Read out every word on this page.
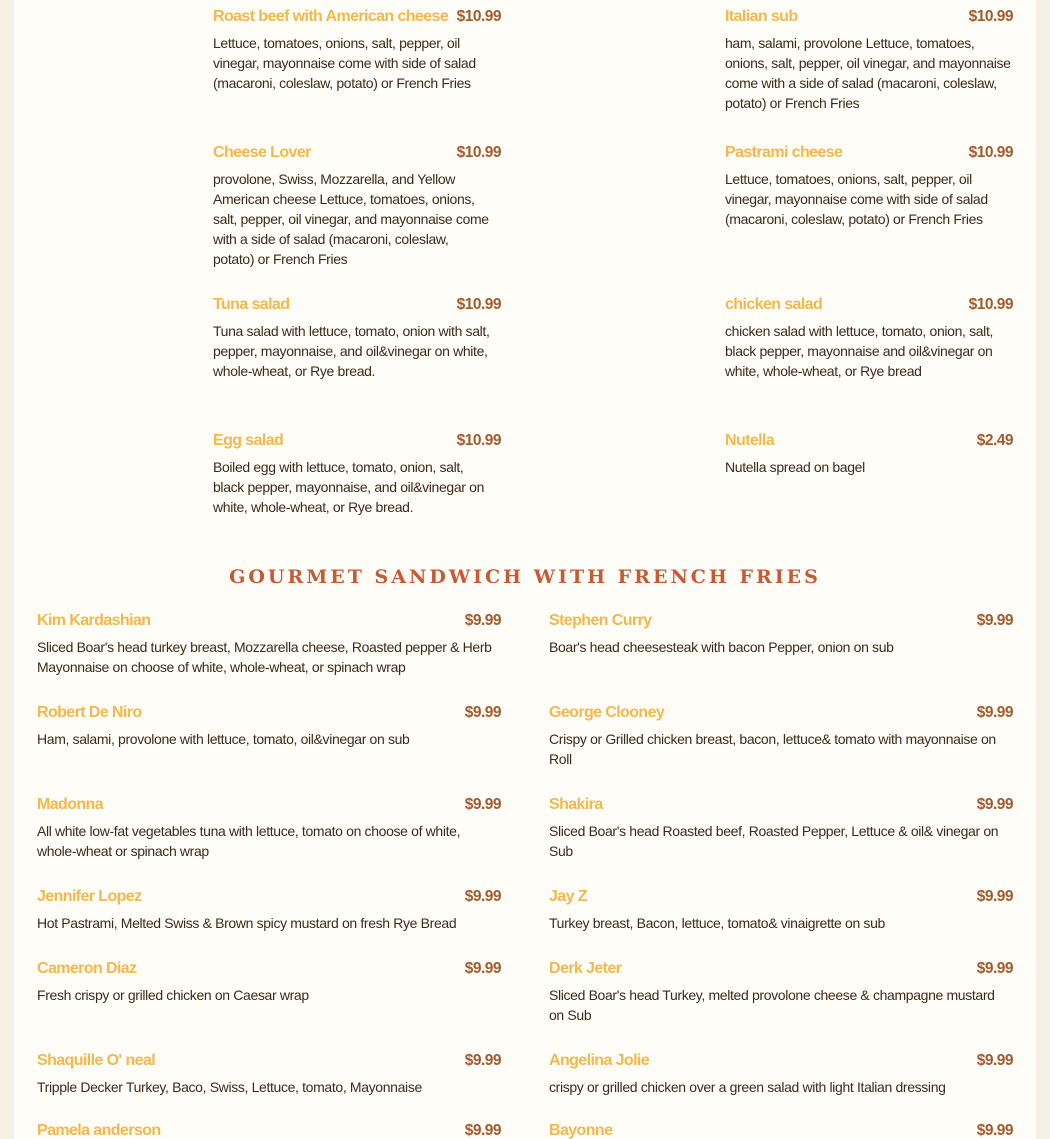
Roast beef with American cheese $10.99
Lettuce, tomatoes, onions, salt, pepper, oil vinegar, mayonnaise come with side of salad (macaroni, coleslaw, potato) or French Fries
Italian sub	$10.99
ham, salami, provolone Lettuce, tomatoes, onions, salt, pepper, oil vinegar, and mayonnaise come with a side of salad (macaroni, coleslaw, potato) or French Fries
Cheese Lover	$10.99
provolone, Swiss, Mozzarella, and Yellow American cheese Lettuce, tomatoes, onions, salt, pepper, oil vinegar, and mayonnaise come with a side of salad (macaroni, coleslaw, potato) or French Fries
Pastrami cheese	$10.99
Lettuce, tomatoes, onions, salt, pepper, oil vinegar, mayonnaise come with side of salad (macaroni, coleslaw, potato) or French Fries
Tuna salad	$10.99
Tuna salad with lettuce, tomato, onion with salt, pepper, mayonnaise, and oil&vinegar on white, whole-wheat, or Rye bread.
chicken salad	$10.99
chicken salad with lettuce, tomato, onion, salt, black pepper, mayonnaise and oil&vinegar on white, whole-wheat, or Rye bread
Egg salad	$10.99
Boiled egg with lettuce, tomato, onion, salt, black pepper, mayonnaise, and oil&vinegar on white, whole-wheat, or Rye bread.
Nutella	$2.49
Nutella spread on bagel
GOURMET SANDWICH WITH FRENCH FRIES
Kim Kardashian	$9.99
Sliced Boar's head turkey breast, Mozzarella cheese, Roasted pepper & Herb Mayonnaise on choose of white, whole-wheat, or spinach wrap
Stephen Curry	$9.99
Boar's head cheesesteak with bacon Pepper, onion on sub
Robert De Niro	$9.99
Ham, salami, provolone with lettuce, tomato, oil&vinegar on sub
George Clooney	$9.99
Crispy or Grilled chicken breast, bacon, lettuce& tomato with mayonnaise on Roll
Madonna	$9.99
All white low-fat vegetables tuna with lettuce, tomato on choose of white, whole-wheat or spinach wrap
Shakira	$9.99
Sliced Boar's head Roasted beef, Roasted Pepper, Lettuce & oil& vinegar on Sub
Jennifer Lopez	$9.99
Hot Pastrami, Melted Swiss & Brown spicy mustard on fresh Rye Bread
Jay Z	$9.99
Turkey breast, Bacon, lettuce, tomato& vinaigrette on sub
Cameron Diaz	$9.99
Fresh crispy or grilled chicken on Caesar wrap
Derk Jeter	$9.99
Sliced Boar's head Turkey, melted provolone cheese & champagne mustard on Sub
Shaquille O' neal	$9.99
Tripple Decker Turkey, Baco, Swiss, Lettuce, tomato, Mayonnaise
Angelina Jolie	$9.99
crispy or grilled chicken over a green salad with light Italian dressing
Pamela anderson	$9.99	Bayonne	$9.99
